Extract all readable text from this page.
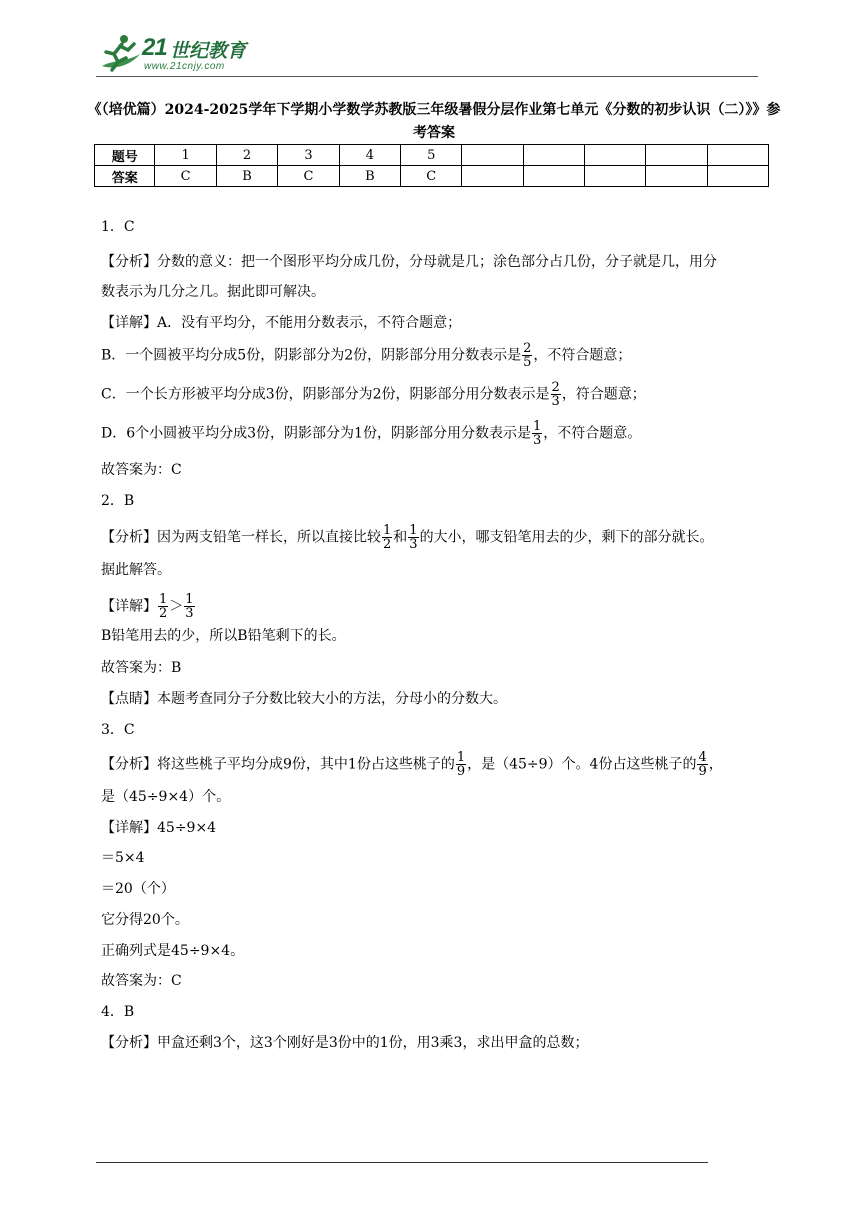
21 世纪教育
www.21cnjy.com
《（培优篇）2024-2025学年下学期小学数学苏教版三年级暑假分层作业第七单元《分数的初步认识（二）》》参考答案
题号	1	2	3	4	5					
答案	C	B	C	B	C					
1．C
【分析】分数的意义：把一个图形平均分成几份，分母就是几；涂色部分占几份，分子就是几，用分
数表示为几分之几。据此即可解决。
【详解】A．没有平均分，不能用分数表示，不符合题意；
B．一个圆被平均分成5份，阴影部分为2份，阴影部分用分数表示是 $\frac{2}{5}$ ，不符合题意；
C．一个长方形被平均分成3份，阴影部分为2份，阴影部分用分数表示是 $\frac{2}{3}$ ，符合题意；
D．6个小圆被平均分成3份，阴影部分为1份，阴影部分用分数表示是 $\frac{1}{3}$ ，不符合题意。
故答案为：C
2．B
【分析】因为两支铅笔一样长，所以直接比较 $\frac{1}{2}$ 和 $\frac{1}{3}$ 的大小，哪支铅笔用去的少，剩下的部分就长。
据此解答。
【详解】 $\frac{1}{2} > \frac{1}{3}$
B铅笔用去的少，所以B铅笔剩下的长。
故答案为：B
【点睛】本题考查同分子分数比较大小的方法，分母小的分数大。
3．C
【分析】将这些桃子平均分成9份，其中1份占这些桃子的 $\frac{1}{9}$ ，是（45÷9）个。4份占这些桃子的 $\frac{4}{9}$ ，
是（45÷9×4）个。
【详解】45÷9×4
＝5×4
＝20（个）
它分得20个。
正确列式是45÷9×4。
故答案为：C
4．B
【分析】甲盒还剩3个，这3个刚好是3份中的1份，用3乘3，求出甲盒的总数；
